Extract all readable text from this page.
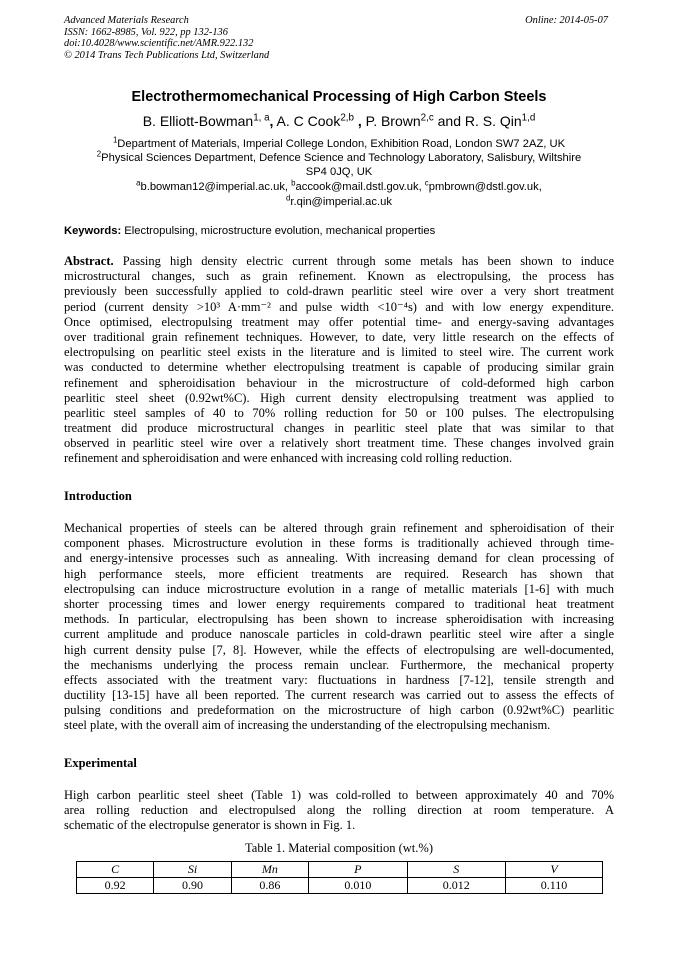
Advanced Materials Research
ISSN: 1662-8985, Vol. 922, pp 132-136
doi:10.4028/www.scientific.net/AMR.922.132
© 2014 Trans Tech Publications Ltd, Switzerland
Online: 2014-05-07
Electrothermomechanical Processing of High Carbon Steels
B. Elliott-Bowman$^{1, a}$, A. C Cook$^{2,b}$ , P. Brown$^{2,c}$ and R. S. Qin$^{1,d}$
$^1$Department of Materials, Imperial College London, Exhibition Road, London SW7 2AZ, UK
$^2$Physical Sciences Department, Defence Science and Technology Laboratory, Salisbury, Wiltshire
SP4 0JQ, UK
$^a$b.bowman12@imperial.ac.uk, $^b$accook@mail.dstl.gov.uk, $^c$pmbrown@dstl.gov.uk,
$^d$r.qin@imperial.ac.uk
Keywords: Electropulsing, microstructure evolution, mechanical properties
Abstract. Passing high density electric current through some metals has been shown to induce
microstructural changes, such as grain refinement. Known as electropulsing, the process has
previously been successfully applied to cold-drawn pearlitic steel wire over a very short treatment
period (current density >10³ A·mm⁻² and pulse width <10⁻⁴s) and with low energy expenditure.
Once optimised, electropulsing treatment may offer potential time- and energy-saving advantages
over traditional grain refinement techniques. However, to date, very little research on the effects of
electropulsing on pearlitic steel exists in the literature and is limited to steel wire. The current work
was conducted to determine whether electropulsing treatment is capable of producing similar grain
refinement and spheroidisation behaviour in the microstructure of cold-deformed high carbon
pearlitic steel sheet (0.92wt%C). High current density electropulsing treatment was applied to
pearlitic steel samples of 40 to 70% rolling reduction for 50 or 100 pulses. The electropulsing
treatment did produce microstructural changes in pearlitic steel plate that was similar to that
observed in pearlitic steel wire over a relatively short treatment time. These changes involved grain
refinement and spheroidisation and were enhanced with increasing cold rolling reduction.
Introduction
Mechanical properties of steels can be altered through grain refinement and spheroidisation of their
component phases. Microstructure evolution in these forms is traditionally achieved through time-
and energy-intensive processes such as annealing. With increasing demand for clean processing of
high performance steels, more efficient treatments are required. Research has shown that
electropulsing can induce microstructure evolution in a range of metallic materials [1-6] with much
shorter processing times and lower energy requirements compared to traditional heat treatment
methods. In particular, electropulsing has been shown to increase spheroidisation with increasing
current amplitude and produce nanoscale particles in cold-drawn pearlitic steel wire after a single
high current density pulse [7, 8]. However, while the effects of electropulsing are well-documented,
the mechanisms underlying the process remain unclear. Furthermore, the mechanical property
effects associated with the treatment vary: fluctuations in hardness [7-12], tensile strength and
ductility [13-15] have all been reported. The current research was carried out to assess the effects of
pulsing conditions and predeformation on the microstructure of high carbon (0.92wt%C) pearlitic
steel plate, with the overall aim of increasing the understanding of the electropulsing mechanism.
Experimental
High carbon pearlitic steel sheet (Table 1) was cold-rolled to between approximately 40 and 70%
area rolling reduction and electropulsed along the rolling direction at room temperature. A
schematic of the electropulse generator is shown in Fig. 1.
Table 1. Material composition (wt.%)
C	Si	Mn	P	S	V
0.92	0.90	0.86	0.010	0.012	0.110
